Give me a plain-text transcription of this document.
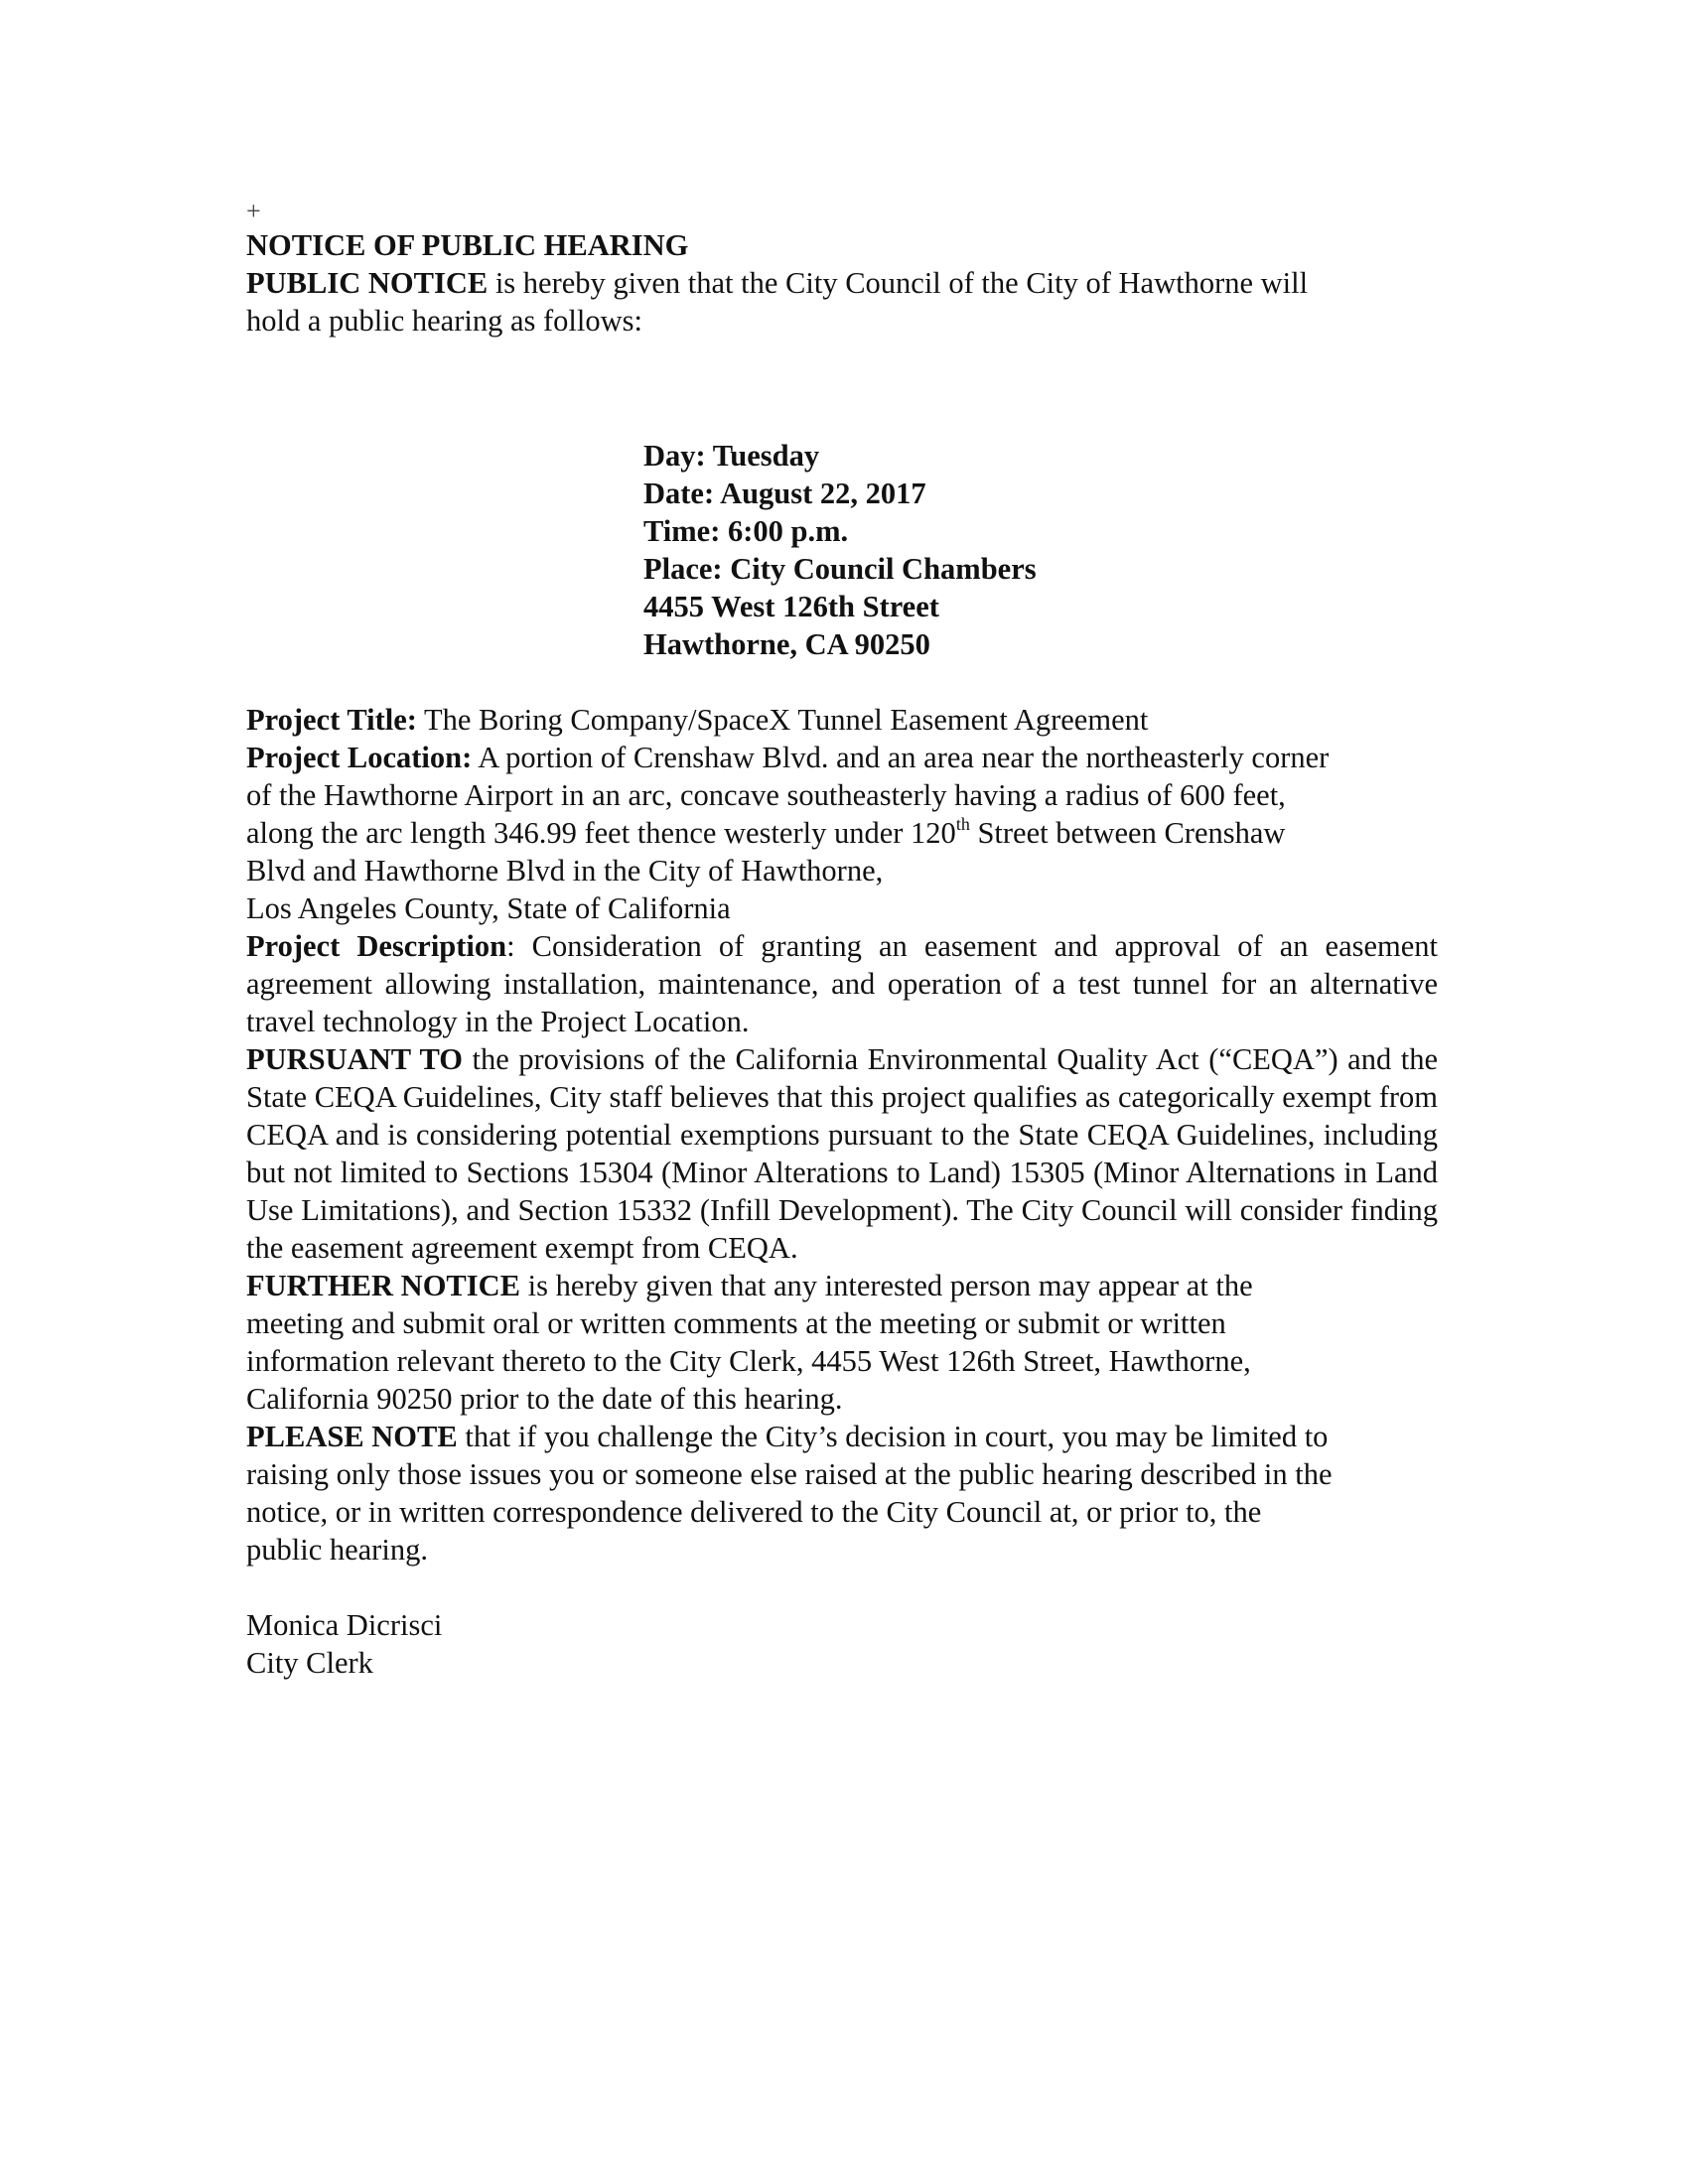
+

NOTICE OF PUBLIC HEARING

PUBLIC NOTICE is hereby given that the City Council of the City of Hawthorne will
hold a public hearing as follows:
Day: Tuesday
Date: August 22, 2017
Time: 6:00 p.m.
Place: City Council Chambers
4455 West 126th Street
Hawthorne, CA 90250
Project Title: The Boring Company/SpaceX Tunnel Easement Agreement
Project Location: A portion of Crenshaw Blvd. and an area near the northeasterly corner
of the Hawthorne Airport in an arc, concave southeasterly having a radius of 600 feet,
along the arc length 346.99 feet thence westerly under 120th Street between Crenshaw
Blvd and Hawthorne Blvd in the City of Hawthorne,
Los Angeles County, State of California

Project Description: Consideration of granting an easement and approval of an easement agreement allowing installation, maintenance, and operation of a test tunnel for an alternative travel technology in the Project Location.

PURSUANT TO the provisions of the California Environmental Quality Act (“CEQA”) and the State CEQA Guidelines, City staff believes that this project qualifies as categorically exempt from CEQA and is considering potential exemptions pursuant to the State CEQA Guidelines, including but not limited to Sections 15304 (Minor Alterations to Land) 15305 (Minor Alternations in Land Use Limitations), and Section 15332 (Infill Development). The City Council will consider finding the easement agreement exempt from CEQA.

FURTHER NOTICE is hereby given that any interested person may appear at the
meeting and submit oral or written comments at the meeting or submit or written
information relevant thereto to the City Clerk, 4455 West 126th Street, Hawthorne,
California 90250 prior to the date of this hearing.
PLEASE NOTE that if you challenge the City’s decision in court, you may be limited to
raising only those issues you or someone else raised at the public hearing described in the
notice, or in written correspondence delivered to the City Council at, or prior to, the
public hearing.
Monica Dicrisci
City Clerk
